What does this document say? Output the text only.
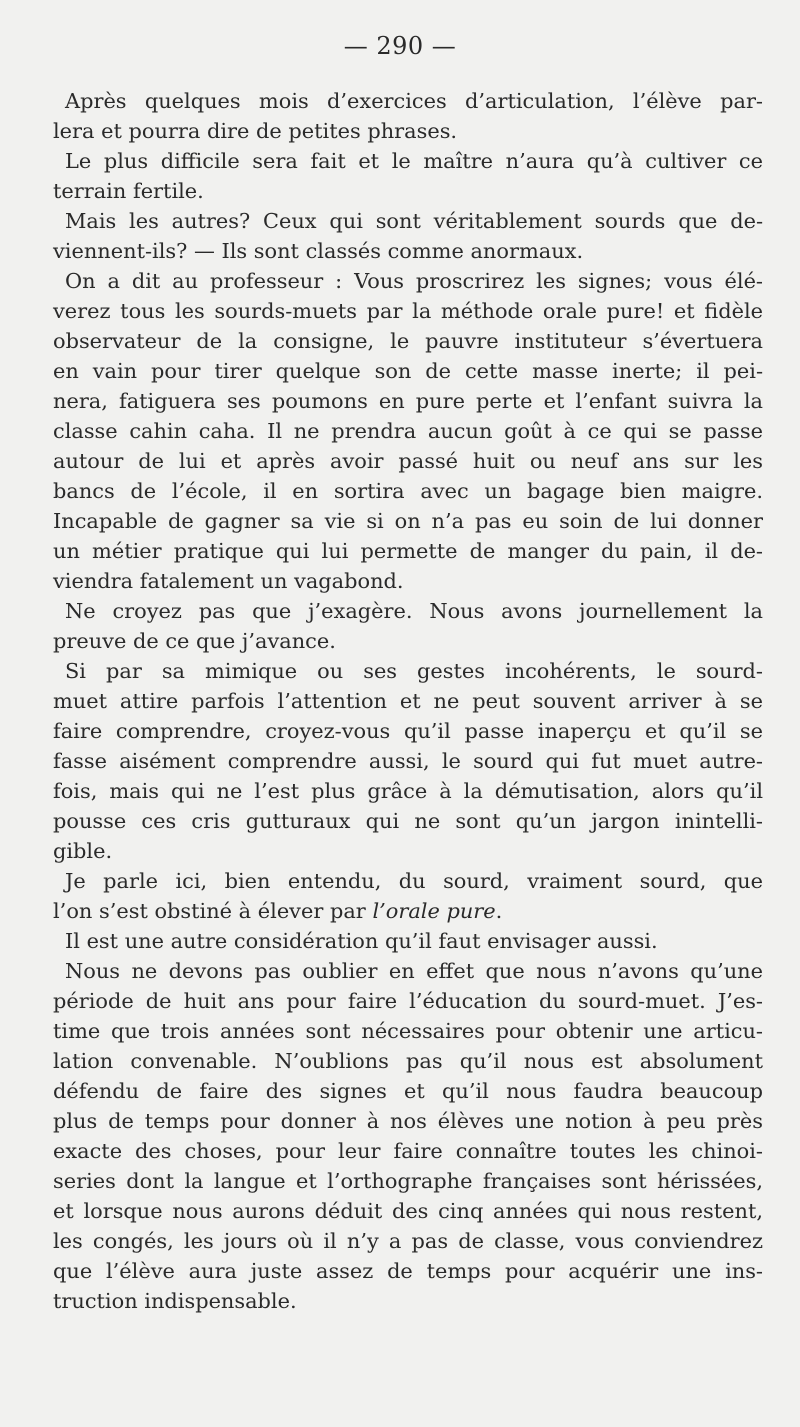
— 290 —
Après quelques mois d’exercices d’articulation, l’élève par-
lera et pourra dire de petites phrases.
Le plus difficile sera fait et le maître n’aura qu’à cultiver ce
terrain fertile.
Mais les autres? Ceux qui sont véritablement sourds que de-
viennent-ils? — Ils sont classés comme anormaux.
On a dit au professeur : Vous proscrirez les signes; vous élé-
verez tous les sourds-muets par la méthode orale pure! et fidèle
observateur de la consigne, le pauvre instituteur s’évertuera
en vain pour tirer quelque son de cette masse inerte; il pei-
nera, fatiguera ses poumons en pure perte et l’enfant suivra la
classe cahin caha. Il ne prendra aucun goût à ce qui se passe
autour de lui et après avoir passé huit ou neuf ans sur les
bancs de l’école, il en sortira avec un bagage bien maigre.
Incapable de gagner sa vie si on n’a pas eu soin de lui donner
un métier pratique qui lui permette de manger du pain, il de-
viendra fatalement un vagabond.
Ne croyez pas que j’exagère. Nous avons journellement la
preuve de ce que j’avance.
Si par sa mimique ou ses gestes incohérents, le sourd-
muet attire parfois l’attention et ne peut souvent arriver à se
faire comprendre, croyez-vous qu’il passe inaperçu et qu’il se
fasse aisément comprendre aussi, le sourd qui fut muet autre-
fois, mais qui ne l’est plus grâce à la démutisation, alors qu’il
pousse ces cris gutturaux qui ne sont qu’un jargon inintelli-
gible.
Je parle ici, bien entendu, du sourd, vraiment sourd, que
l’on s’est obstiné à élever par l’orale pure.
Il est une autre considération qu’il faut envisager aussi.
Nous ne devons pas oublier en effet que nous n’avons qu’une
période de huit ans pour faire l’éducation du sourd-muet. J’es-
time que trois années sont nécessaires pour obtenir une articu-
lation convenable. N’oublions pas qu’il nous est absolument
défendu de faire des signes et qu’il nous faudra beaucoup
plus de temps pour donner à nos élèves une notion à peu près
exacte des choses, pour leur faire connaître toutes les chinoi-
series dont la langue et l’orthographe françaises sont hérissées,
et lorsque nous aurons déduit des cinq années qui nous restent,
les congés, les jours où il n’y a pas de classe, vous conviendrez
que l’élève aura juste assez de temps pour acquérir une ins-
truction indispensable.
